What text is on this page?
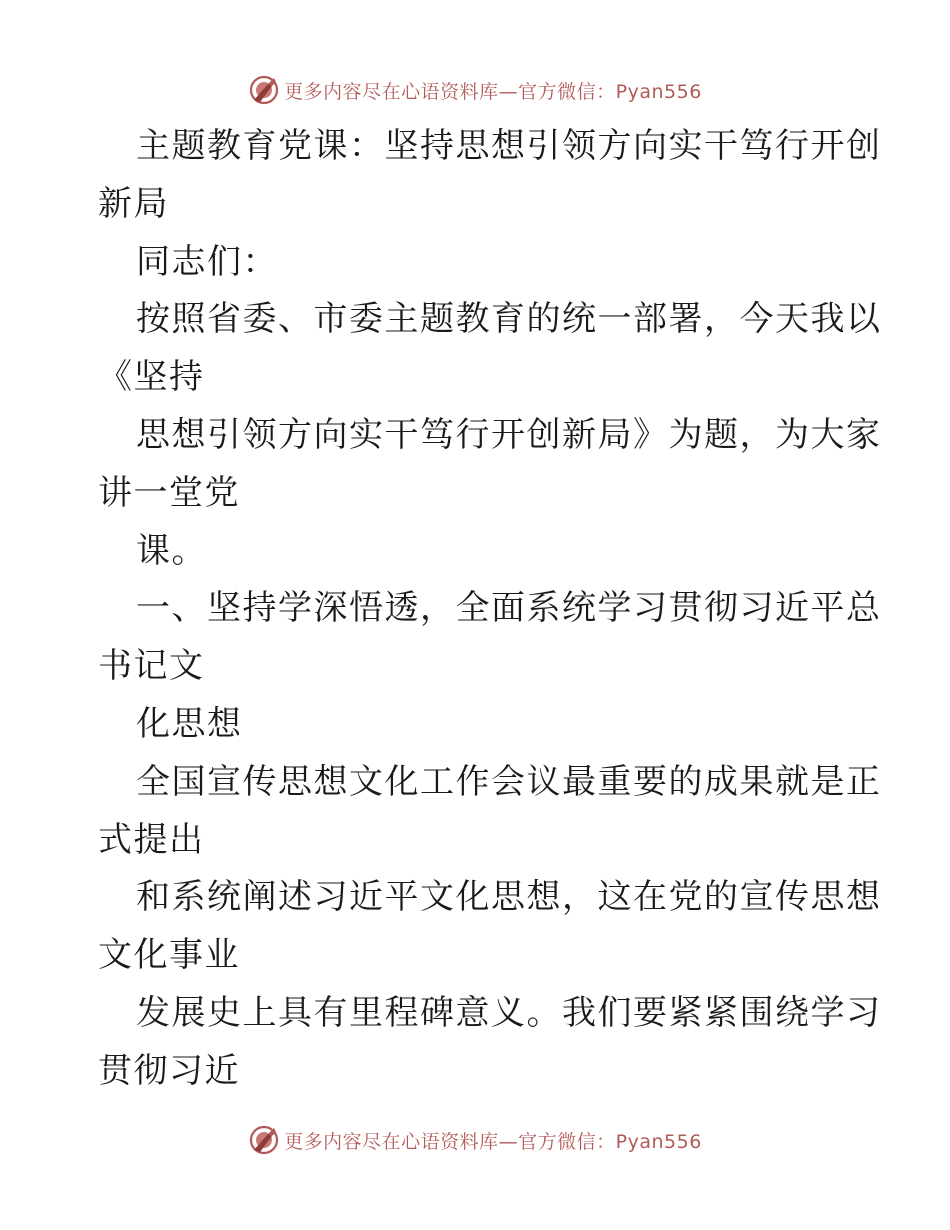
更多内容尽在心语资料库—官方微信：Pyan556
主题教育党课：坚持思想引领方向实干笃行开创
新局
同志们：
按照省委、市委主题教育的统一部署，今天我以
《坚持
思想引领方向实干笃行开创新局》为题，为大家
讲一堂党
课。
一、坚持学深悟透，全面系统学习贯彻习近平总
书记文
化思想
全国宣传思想文化工作会议最重要的成果就是正
式提出
和系统阐述习近平文化思想，这在党的宣传思想
文化事业
发展史上具有里程碑意义。我们要紧紧围绕学习
贯彻习近
更多内容尽在心语资料库—官方微信：Pyan556
